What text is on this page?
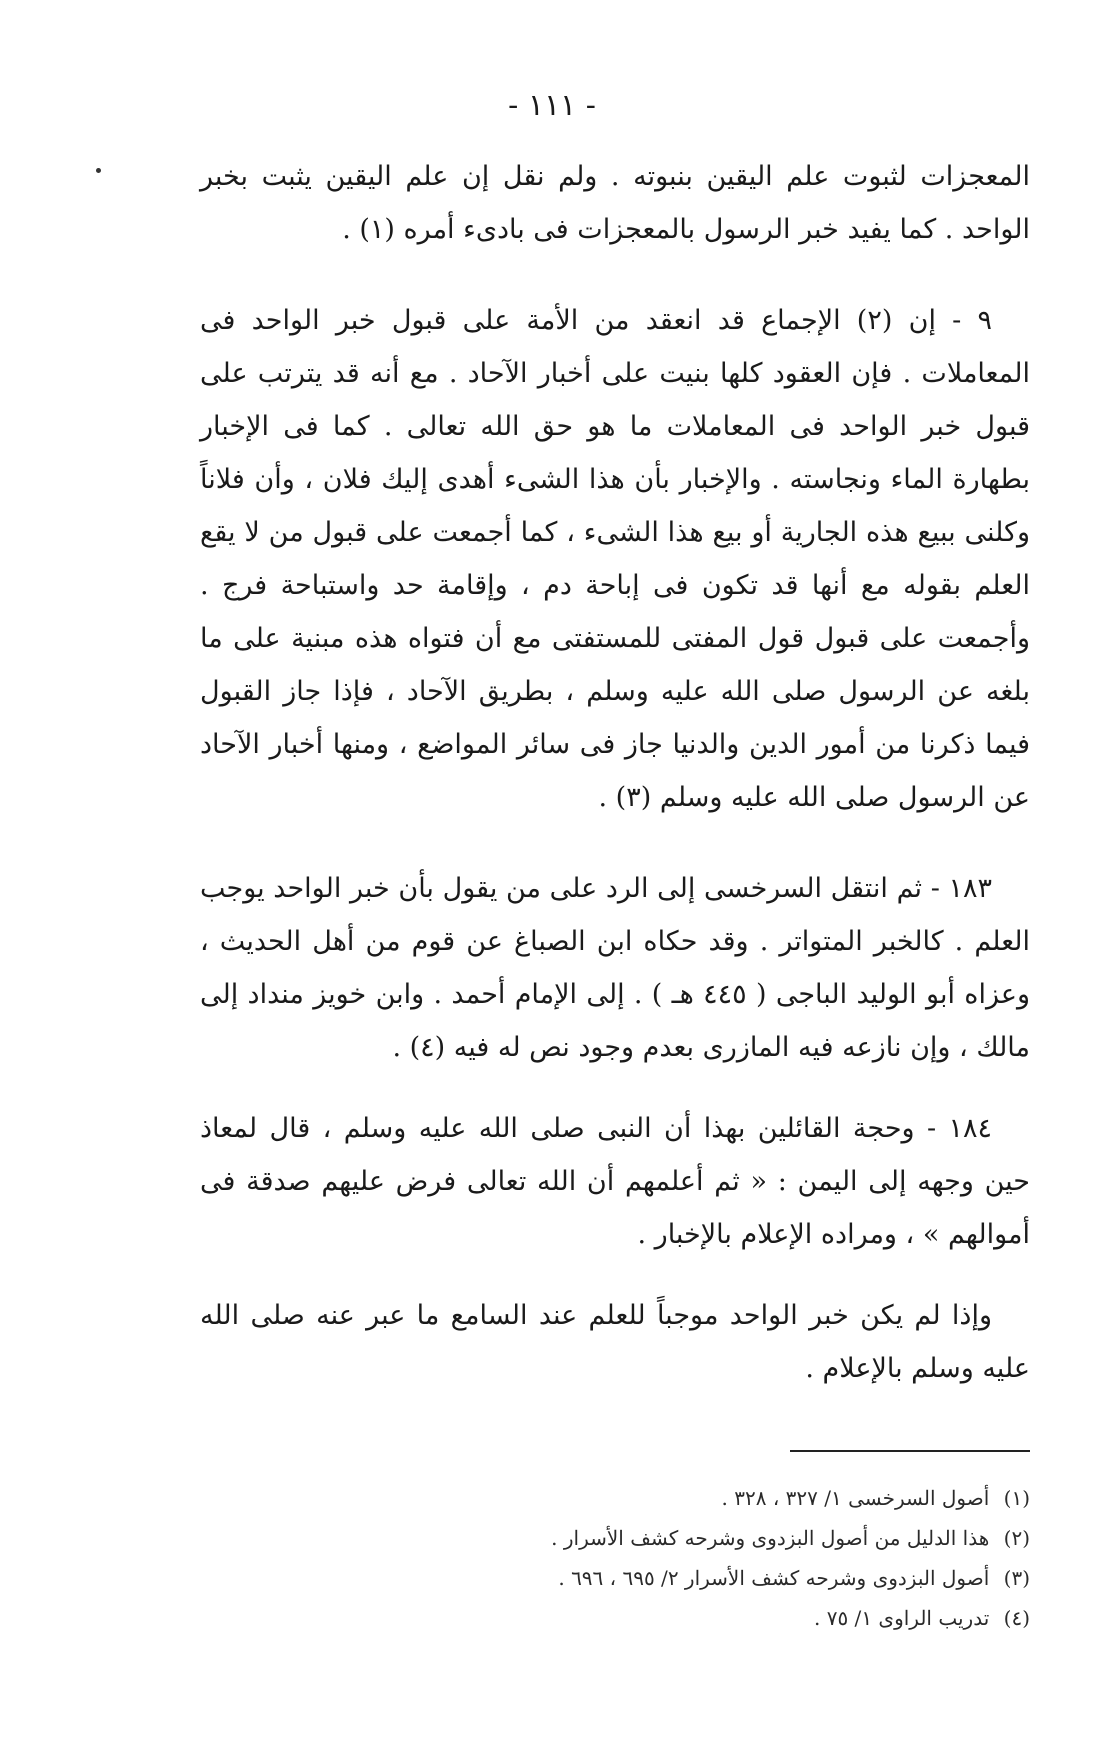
- ١١١ -

المعجزات لثبوت علم اليقين بنبوته . ولم نقل إن علم اليقين يثبت بخبر الواحد . كما يفيد خبر الرسول بالمعجزات فى بادىء أمره (١) .

٩ - إن (٢) الإجماع قد انعقد من الأمة على قبول خبر الواحد فى المعاملات . فإن العقود كلها بنيت على أخبار الآحاد . مع أنه قد يترتب على قبول خبر الواحد فى المعاملات ما هو حق الله تعالى . كما فى الإخبار بطهارة الماء ونجاسته . والإخبار بأن هذا الشىء أهدى إليك فلان ، وأن فلاناً وكلنى ببيع هذه الجارية أو بيع هذا الشىء ، كما أجمعت على قبول من لا يقع العلم بقوله مع أنها قد تكون فى إباحة دم ، وإقامة حد واستباحة فرج . وأجمعت على قبول قول المفتى للمستفتى مع أن فتواه هذه مبنية على ما بلغه عن الرسول صلى الله عليه وسلم ، بطريق الآحاد ، فإذا جاز القبول فيما ذكرنا من أمور الدين والدنيا جاز فى سائر المواضع ، ومنها أخبار الآحاد عن الرسول صلى الله عليه وسلم (٣) .

١٨٣ - ثم انتقل السرخسى إلى الرد على من يقول بأن خبر الواحد يوجب العلم . كالخبر المتواتر . وقد حكاه ابن الصباغ عن قوم من أهل الحديث ، وعزاه أبو الوليد الباجى ( ٤٤٥ هـ ) . إلى الإمام أحمد . وابن خويز منداد إلى مالك ، وإن نازعه فيه المازرى بعدم وجود نص له فيه (٤) .

١٨٤ - وحجة القائلين بهذا أن النبى صلى الله عليه وسلم ، قال لمعاذ حين وجهه إلى اليمن : « ثم أعلمهم أن الله تعالى فرض عليهم صدقة فى أموالهم » ، ومراده الإعلام بالإخبار .

وإذا لم يكن خبر الواحد موجباً للعلم عند السامع ما عبر عنه صلى الله عليه وسلم بالإعلام .

(١) أصول السرخسى ١/ ٣٢٧ ، ٣٢٨ .
(٢) هذا الدليل من أصول البزدوى وشرحه كشف الأسرار .
(٣) أصول البزدوى وشرحه كشف الأسرار ٢/ ٦٩٥ ، ٦٩٦ .
(٤) تدريب الراوى ١/ ٧٥ .
